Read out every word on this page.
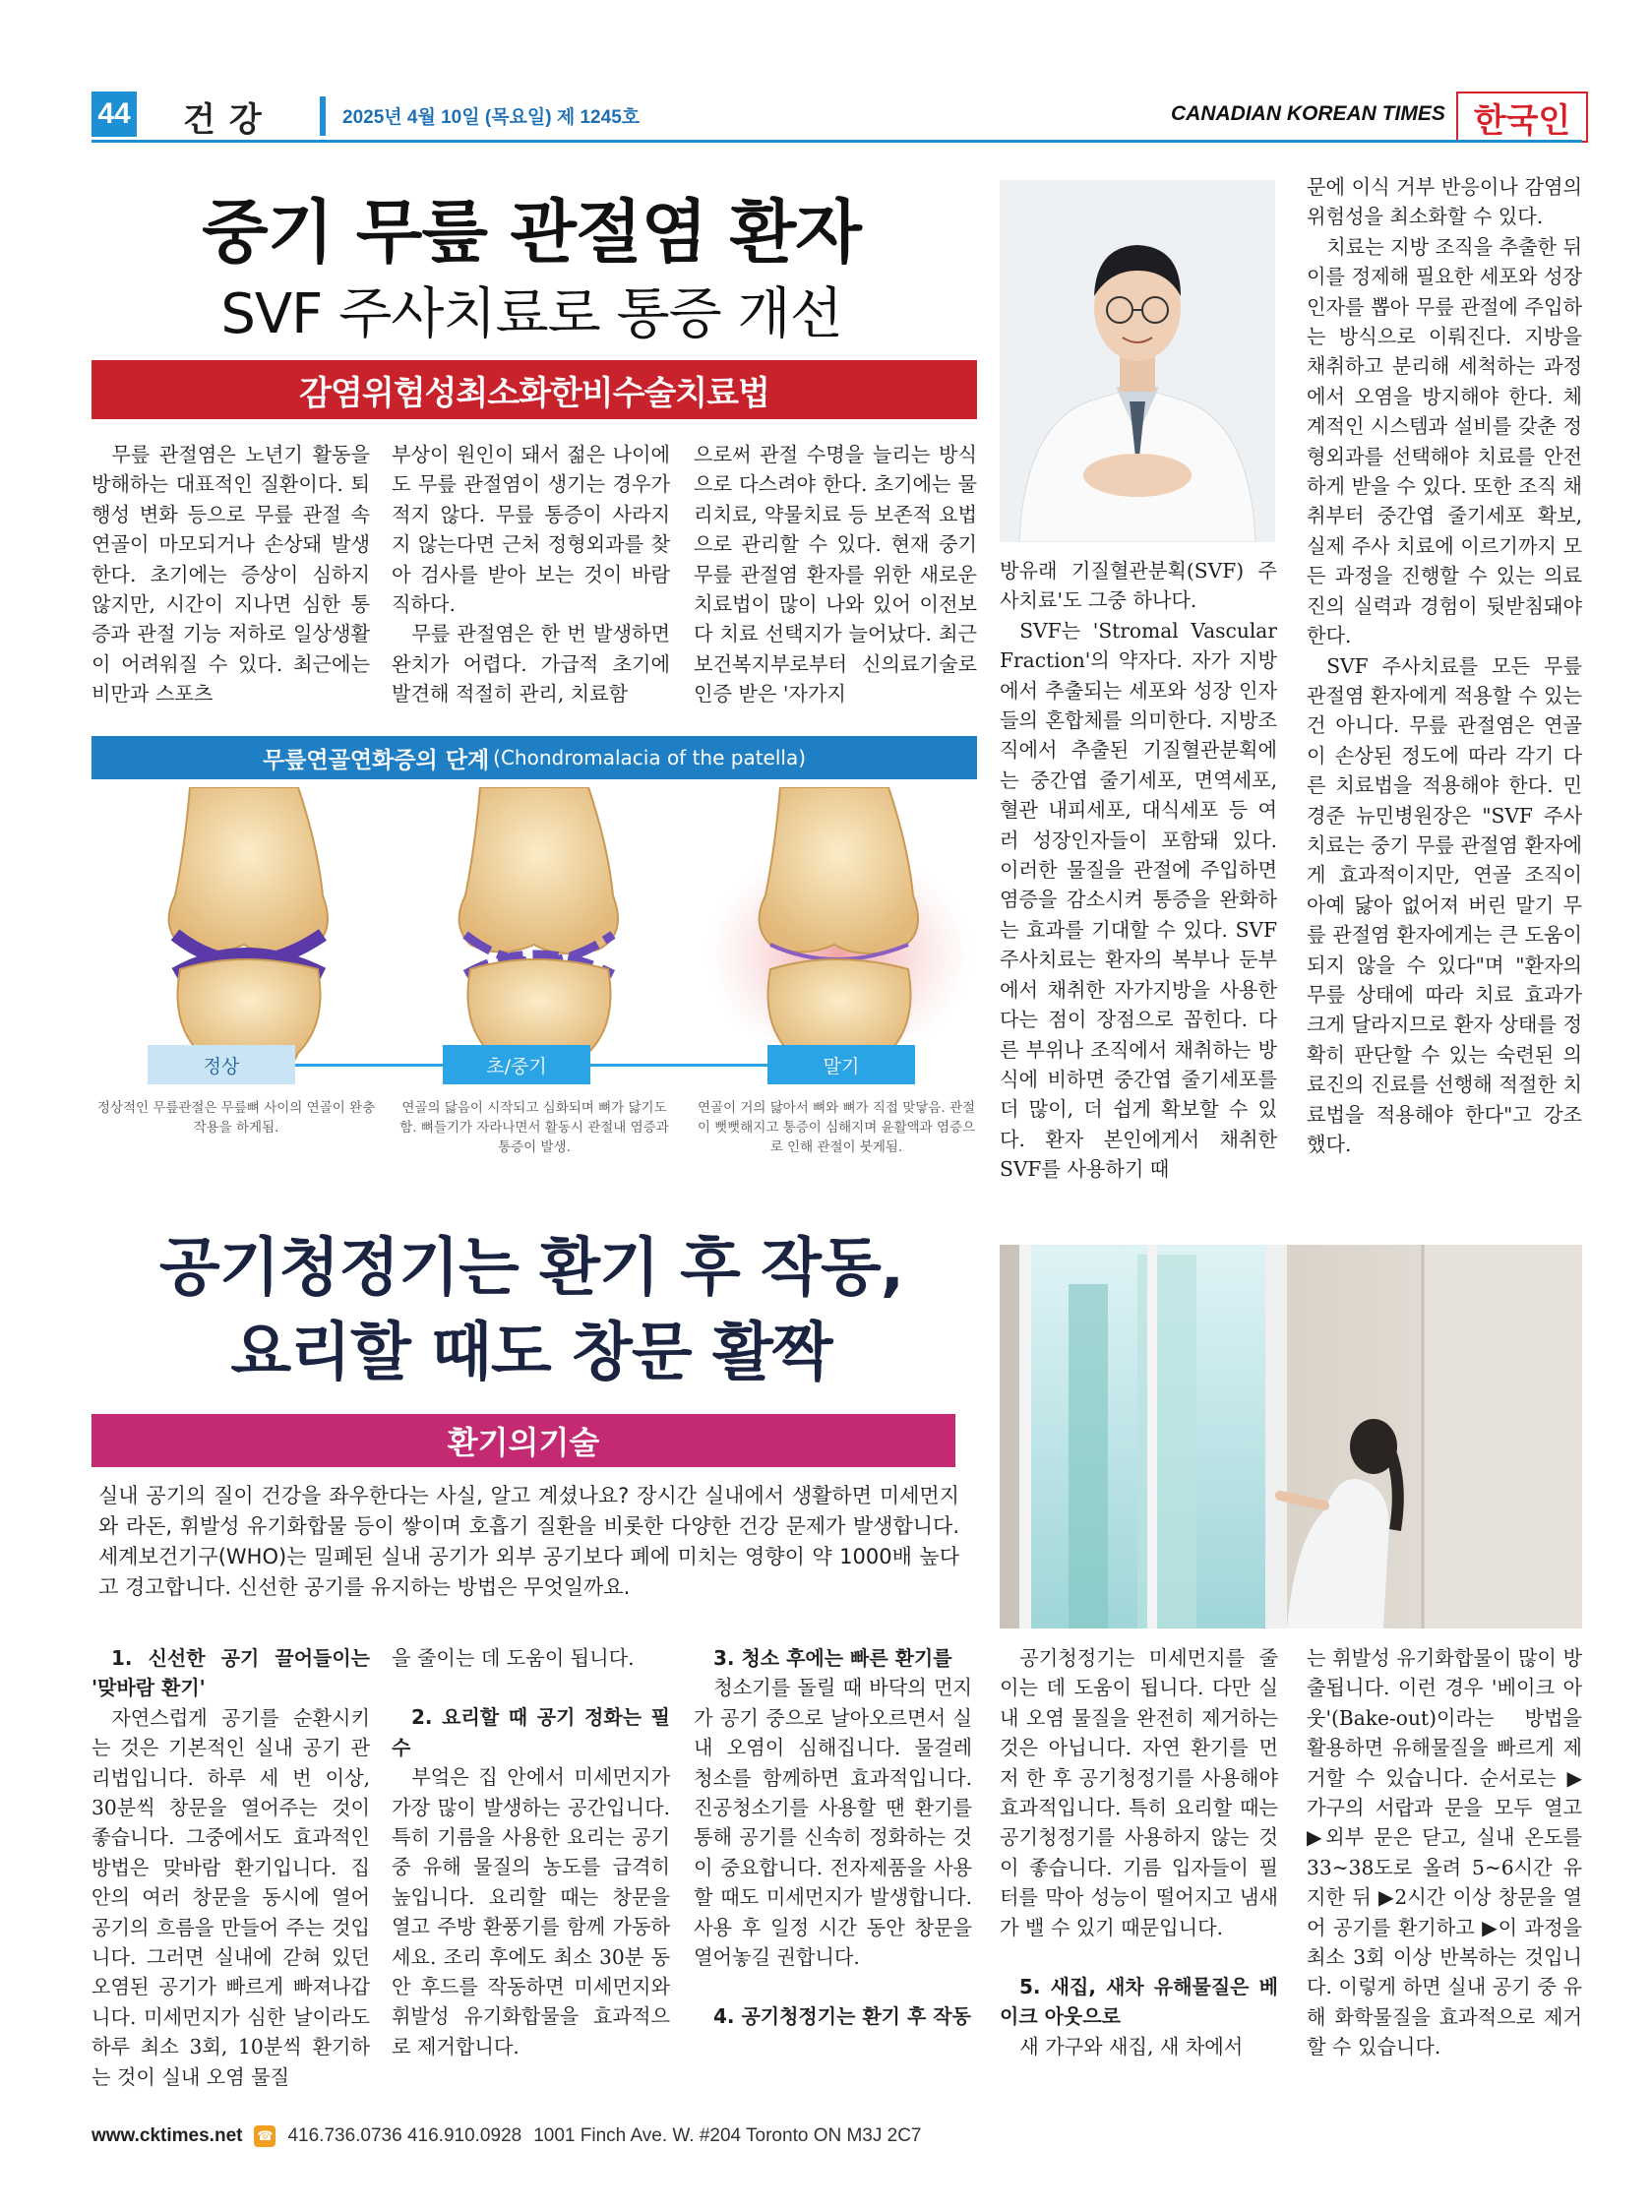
44 건강	2025년 4월 10일 (목요일) 제 1245호	CANADIAN KOREAN TIMES 한국인
중기 무릎 관절염 환자
SVF 주사치료로 통증 개선
감염위험성최소화한비수술치료법

무릎 관절염은 노년기 활동을 방해하는 대표적인 질환이다. 퇴행성 변화 등으로 무릎 관절 속 연골이 마모되거나 손상돼 발생한다. 초기에는 증상이 심하지 않지만, 시간이 지나면 심한 통증과 관절 기능 저하로 일상생활이 어려워질 수 있다. 최근에는 비만과 스포츠

부상이 원인이 돼서 젊은 나이에도 무릎 관절염이 생기는 경우가 적지 않다. 무릎 통증이 사라지지 않는다면 근처 정형외과를 찾아 검사를 받아 보는 것이 바람직하다.

무릎 관절염은 한 번 발생하면 완치가 어렵다. 가급적 초기에 발견해 적절히 관리, 치료함

으로써 관절 수명을 늘리는 방식으로 다스려야 한다. 초기에는 물리치료, 약물치료 등 보존적 요법으로 관리할 수 있다. 현재 중기 무릎 관절염 환자를 위한 새로운 치료법이 많이 나와 있어 이전보다 치료 선택지가 늘어났다. 최근 보건복지부로부터 신의료기술로 인증 받은 '자가지

무릎연골연화증의 단계 (Chondromalacia of the patella)
정상	초/중기	말기
정상적인 무릎관절은 무릎뼈 사이의 연골이 완충작용을 하게됨.
연골의 닳음이 시작되고 심화되며 뼈가 닳기도 함. 뼈들기가 자라나면서 활동시 관절내 염증과 통증이 발생.
연골이 거의 닳아서 뼈와 뼈가 직접 맞닿음. 관절이 뻣뻣해지고 통증이 심해지며 윤활액과 염증으로 인해 관절이 붓게됨.

방유래 기질혈관분획(SVF) 주사치료'도 그중 하나다.

SVF는 'Stromal Vascular Fraction'의 약자다. 자가 지방에서 추출되는 세포와 성장 인자들의 혼합체를 의미한다. 지방조직에서 추출된 기질혈관분획에는 중간엽 줄기세포, 면역세포, 혈관 내피세포, 대식세포 등 여러 성장인자들이 포함돼 있다. 이러한 물질을 관절에 주입하면 염증을 감소시켜 통증을 완화하는 효과를 기대할 수 있다. SVF 주사치료는 환자의 복부나 둔부에서 채취한 자가지방을 사용한다는 점이 장점으로 꼽힌다. 다른 부위나 조직에서 채취하는 방식에 비하면 중간엽 줄기세포를 더 많이, 더 쉽게 확보할 수 있다. 환자 본인에게서 채취한 SVF를 사용하기 때

문에 이식 거부 반응이나 감염의 위험성을 최소화할 수 있다.

치료는 지방 조직을 추출한 뒤 이를 정제해 필요한 세포와 성장 인자를 뽑아 무릎 관절에 주입하는 방식으로 이뤄진다. 지방을 채취하고 분리해 세척하는 과정에서 오염을 방지해야 한다. 체계적인 시스템과 설비를 갖춘 정형외과를 선택해야 치료를 안전하게 받을 수 있다. 또한 조직 채취부터 중간엽 줄기세포 확보, 실제 주사 치료에 이르기까지 모든 과정을 진행할 수 있는 의료진의 실력과 경험이 뒷받침돼야 한다.

SVF 주사치료를 모든 무릎 관절염 환자에게 적용할 수 있는 건 아니다. 무릎 관절염은 연골이 손상된 정도에 따라 각기 다른 치료법을 적용해야 한다. 민경준 뉴민병원장은 "SVF 주사치료는 중기 무릎 관절염 환자에게 효과적이지만, 연골 조직이 아예 닳아 없어져 버린 말기 무릎 관절염 환자에게는 큰 도움이 되지 않을 수 있다"며 "환자의 무릎 상태에 따라 치료 효과가 크게 달라지므로 환자 상태를 정확히 판단할 수 있는 숙련된 의료진의 진료를 선행해 적절한 치료법을 적용해야 한다"고 강조했다.

공기청정기는 환기 후 작동,
요리할 때도 창문 활짝
환기의기술
실내 공기의 질이 건강을 좌우한다는 사실, 알고 계셨나요? 장시간 실내에서 생활하면 미세먼지와 라돈, 휘발성 유기화합물 등이 쌓이며 호흡기 질환을 비롯한 다양한 건강 문제가 발생합니다. 세계보건기구(WHO)는 밀폐된 실내 공기가 외부 공기보다 폐에 미치는 영향이 약 1000배 높다고 경고합니다. 신선한 공기를 유지하는 방법은 무엇일까요.
1. 신선한 공기 끌어들이는 '맞바람 환기'

자연스럽게 공기를 순환시키는 것은 기본적인 실내 공기 관리법입니다. 하루 세 번 이상, 30분씩 창문을 열어주는 것이 좋습니다. 그중에서도 효과적인 방법은 맞바람 환기입니다. 집 안의 여러 창문을 동시에 열어 공기의 흐름을 만들어 주는 것입니다. 그러면 실내에 갇혀 있던 오염된 공기가 빠르게 빠져나갑니다. 미세먼지가 심한 날이라도 하루 최소 3회, 10분씩 환기하는 것이 실내 오염 물질

을 줄이는 데 도움이 됩니다.

2. 요리할 때 공기 정화는 필수

부엌은 집 안에서 미세먼지가 가장 많이 발생하는 공간입니다. 특히 기름을 사용한 요리는 공기 중 유해 물질의 농도를 급격히 높입니다. 요리할 때는 창문을 열고 주방 환풍기를 함께 가동하세요. 조리 후에도 최소 30분 동안 후드를 작동하면 미세먼지와 휘발성 유기화합물을 효과적으로 제거합니다.

3. 청소 후에는 빠른 환기를

청소기를 돌릴 때 바닥의 먼지가 공기 중으로 날아오르면서 실내 오염이 심해집니다. 물걸레 청소를 함께하면 효과적입니다. 진공청소기를 사용할 땐 환기를 통해 공기를 신속히 정화하는 것이 중요합니다. 전자제품을 사용할 때도 미세먼지가 발생합니다. 사용 후 일정 시간 동안 창문을 열어놓길 권합니다.

4. 공기청정기는 환기 후 작동

공기청정기는 미세먼지를 줄이는 데 도움이 됩니다. 다만 실내 오염 물질을 완전히 제거하는 것은 아닙니다. 자연 환기를 먼저 한 후 공기청정기를 사용해야 효과적입니다. 특히 요리할 때는 공기청정기를 사용하지 않는 것이 좋습니다. 기름 입자들이 필터를 막아 성능이 떨어지고 냄새가 밸 수 있기 때문입니다.

5. 새집, 새차 유해물질은 베이크 아웃으로

새 가구와 새집, 새 차에서

는 휘발성 유기화합물이 많이 방출됩니다. 이런 경우 '베이크 아웃'(Bake-out)이라는 방법을 활용하면 유해물질을 빠르게 제거할 수 있습니다. 순서로는 ▶가구의 서랍과 문을 모두 열고 ▶외부 문은 닫고, 실내 온도를 33~38도로 올려 5~6시간 유지한 뒤 ▶2시간 이상 창문을 열어 공기를 환기하고 ▶이 과정을 최소 3회 이상 반복하는 것입니다. 이렇게 하면 실내 공기 중 유해 화학물질을 효과적으로 제거할 수 있습니다.

www.cktimes.net ☎ 416.736.0736 416.910.0928 1001 Finch Ave. W. #204 Toronto ON M3J 2C7
